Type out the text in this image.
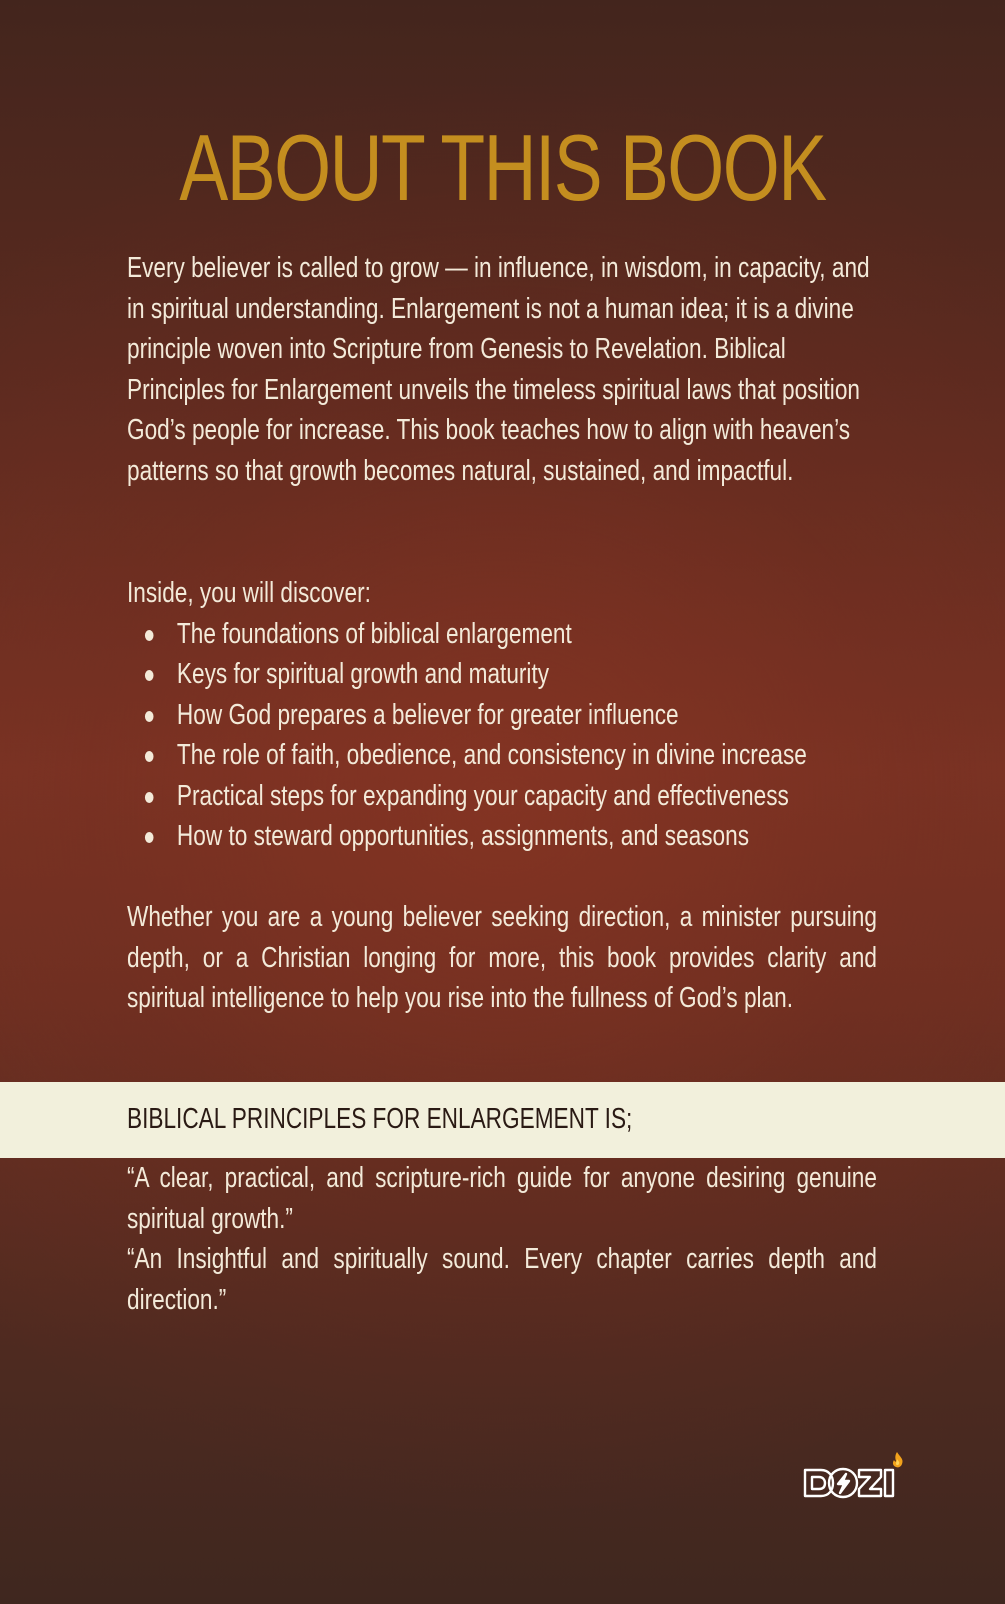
ABOUT THIS BOOK
Every believer is called to grow — in influence, in wisdom, in capacity, and in spiritual understanding. Enlargement is not a human idea; it is a divine principle woven into Scripture from Genesis to Revelation. Biblical Principles for Enlargement unveils the timeless spiritual laws that position God’s people for increase. This book teaches how to align with heaven’s patterns so that growth becomes natural, sustained, and impactful.
Inside, you will discover:
The foundations of biblical enlargement
Keys for spiritual growth and maturity
How God prepares a believer for greater influence
The role of faith, obedience, and consistency in divine increase
Practical steps for expanding your capacity and effectiveness
How to steward opportunities, assignments, and seasons
Whether you are a young believer seeking direction, a minister pursuing depth, or a Christian longing for more, this book provides clarity and spiritual intelligence to help you rise into the fullness of God’s plan.
BIBLICAL PRINCIPLES FOR ENLARGEMENT IS;
“A clear, practical, and scripture-rich guide for anyone desiring genuine spiritual growth.”
“An Insightful and spiritually sound. Every chapter carries depth and direction.”
